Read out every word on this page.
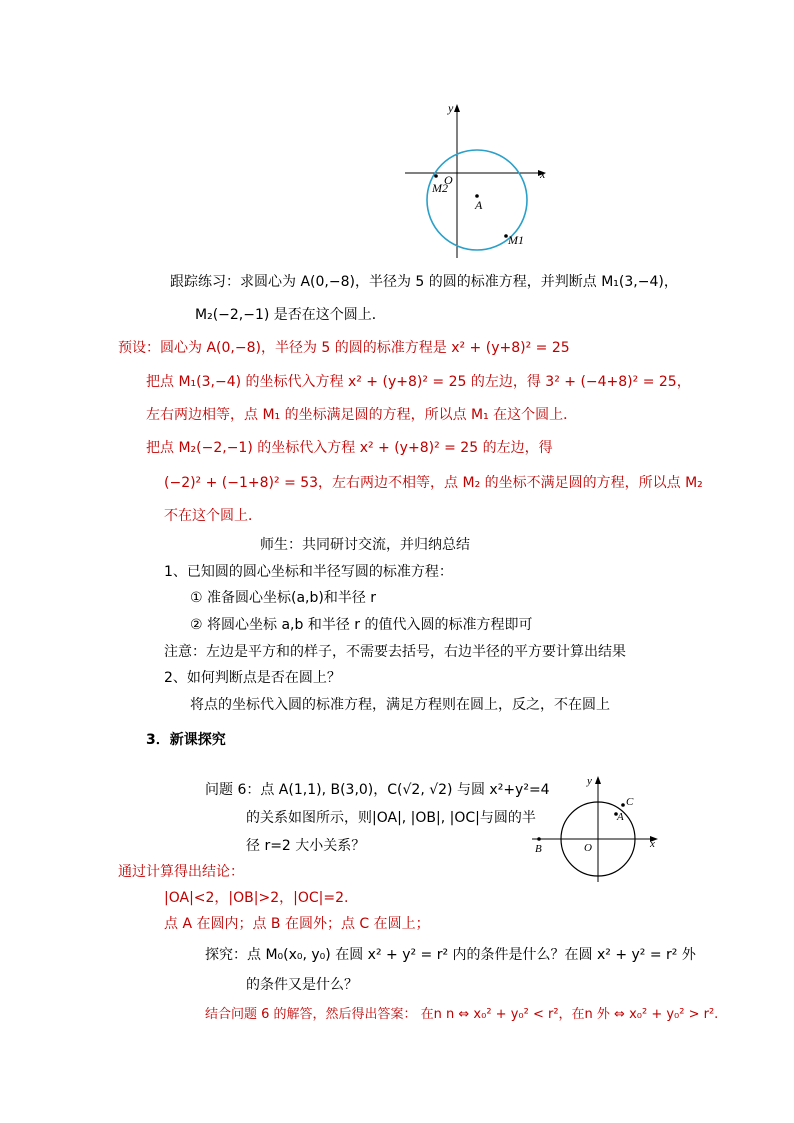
x
y
O
A
M1
M2
跟踪练习：求圆心为 A(0,−8)，半径为 5 的圆的标准方程，并判断点 M₁(3,−4)，
M₂(−2,−1) 是否在这个圆上．
预设：圆心为 A(0,−8)，半径为 5 的圆的标准方程是 x² + (y+8)² = 25
把点 M₁(3,−4) 的坐标代入方程 x² + (y+8)² = 25 的左边，得 3² + (−4+8)² = 25，
左右两边相等，点 M₁ 的坐标满足圆的方程，所以点 M₁ 在这个圆上．
把点 M₂(−2,−1) 的坐标代入方程 x² + (y+8)² = 25 的左边，得
(−2)² + (−1+8)² = 53，左右两边不相等，点 M₂ 的坐标不满足圆的方程，所以点 M₂
不在这个圆上．
师生：共同研讨交流，并归纳总结
1、已知圆的圆心坐标和半径写圆的标准方程：
① 准备圆心坐标(a,b)和半径 r
② 将圆心坐标 a,b 和半径 r 的值代入圆的标准方程即可
注意：左边是平方和的样子，不需要去括号，右边半径的平方要计算出结果
2、如何判断点是否在圆上？
将点的坐标代入圆的标准方程，满足方程则在圆上，反之，不在圆上
3．新课探究
问题 6：点 A(1,1), B(3,0)，C(√2, √2) 与圆 x²+y²=4
的关系如图所示，则|OA|, |OB|, |OC|与圆的半
径 r=2 大小关系？	x
y
O
A
B
C
通过计算得出结论：
|OA|<2，|OB|>2，|OC|=2.
点 A 在圆内；点 B 在圆外；点 C 在圆上；
探究：点 M₀(x₀, y₀) 在圆 x² + y² = r² 内的条件是什么？在圆 x² + y² = r² 外
的条件又是什么？
结合问题 6 的解答，然后得出答案： 在n n ⇔ x₀² + y₀² < r²，在n 外 ⇔ x₀² + y₀² > r².
